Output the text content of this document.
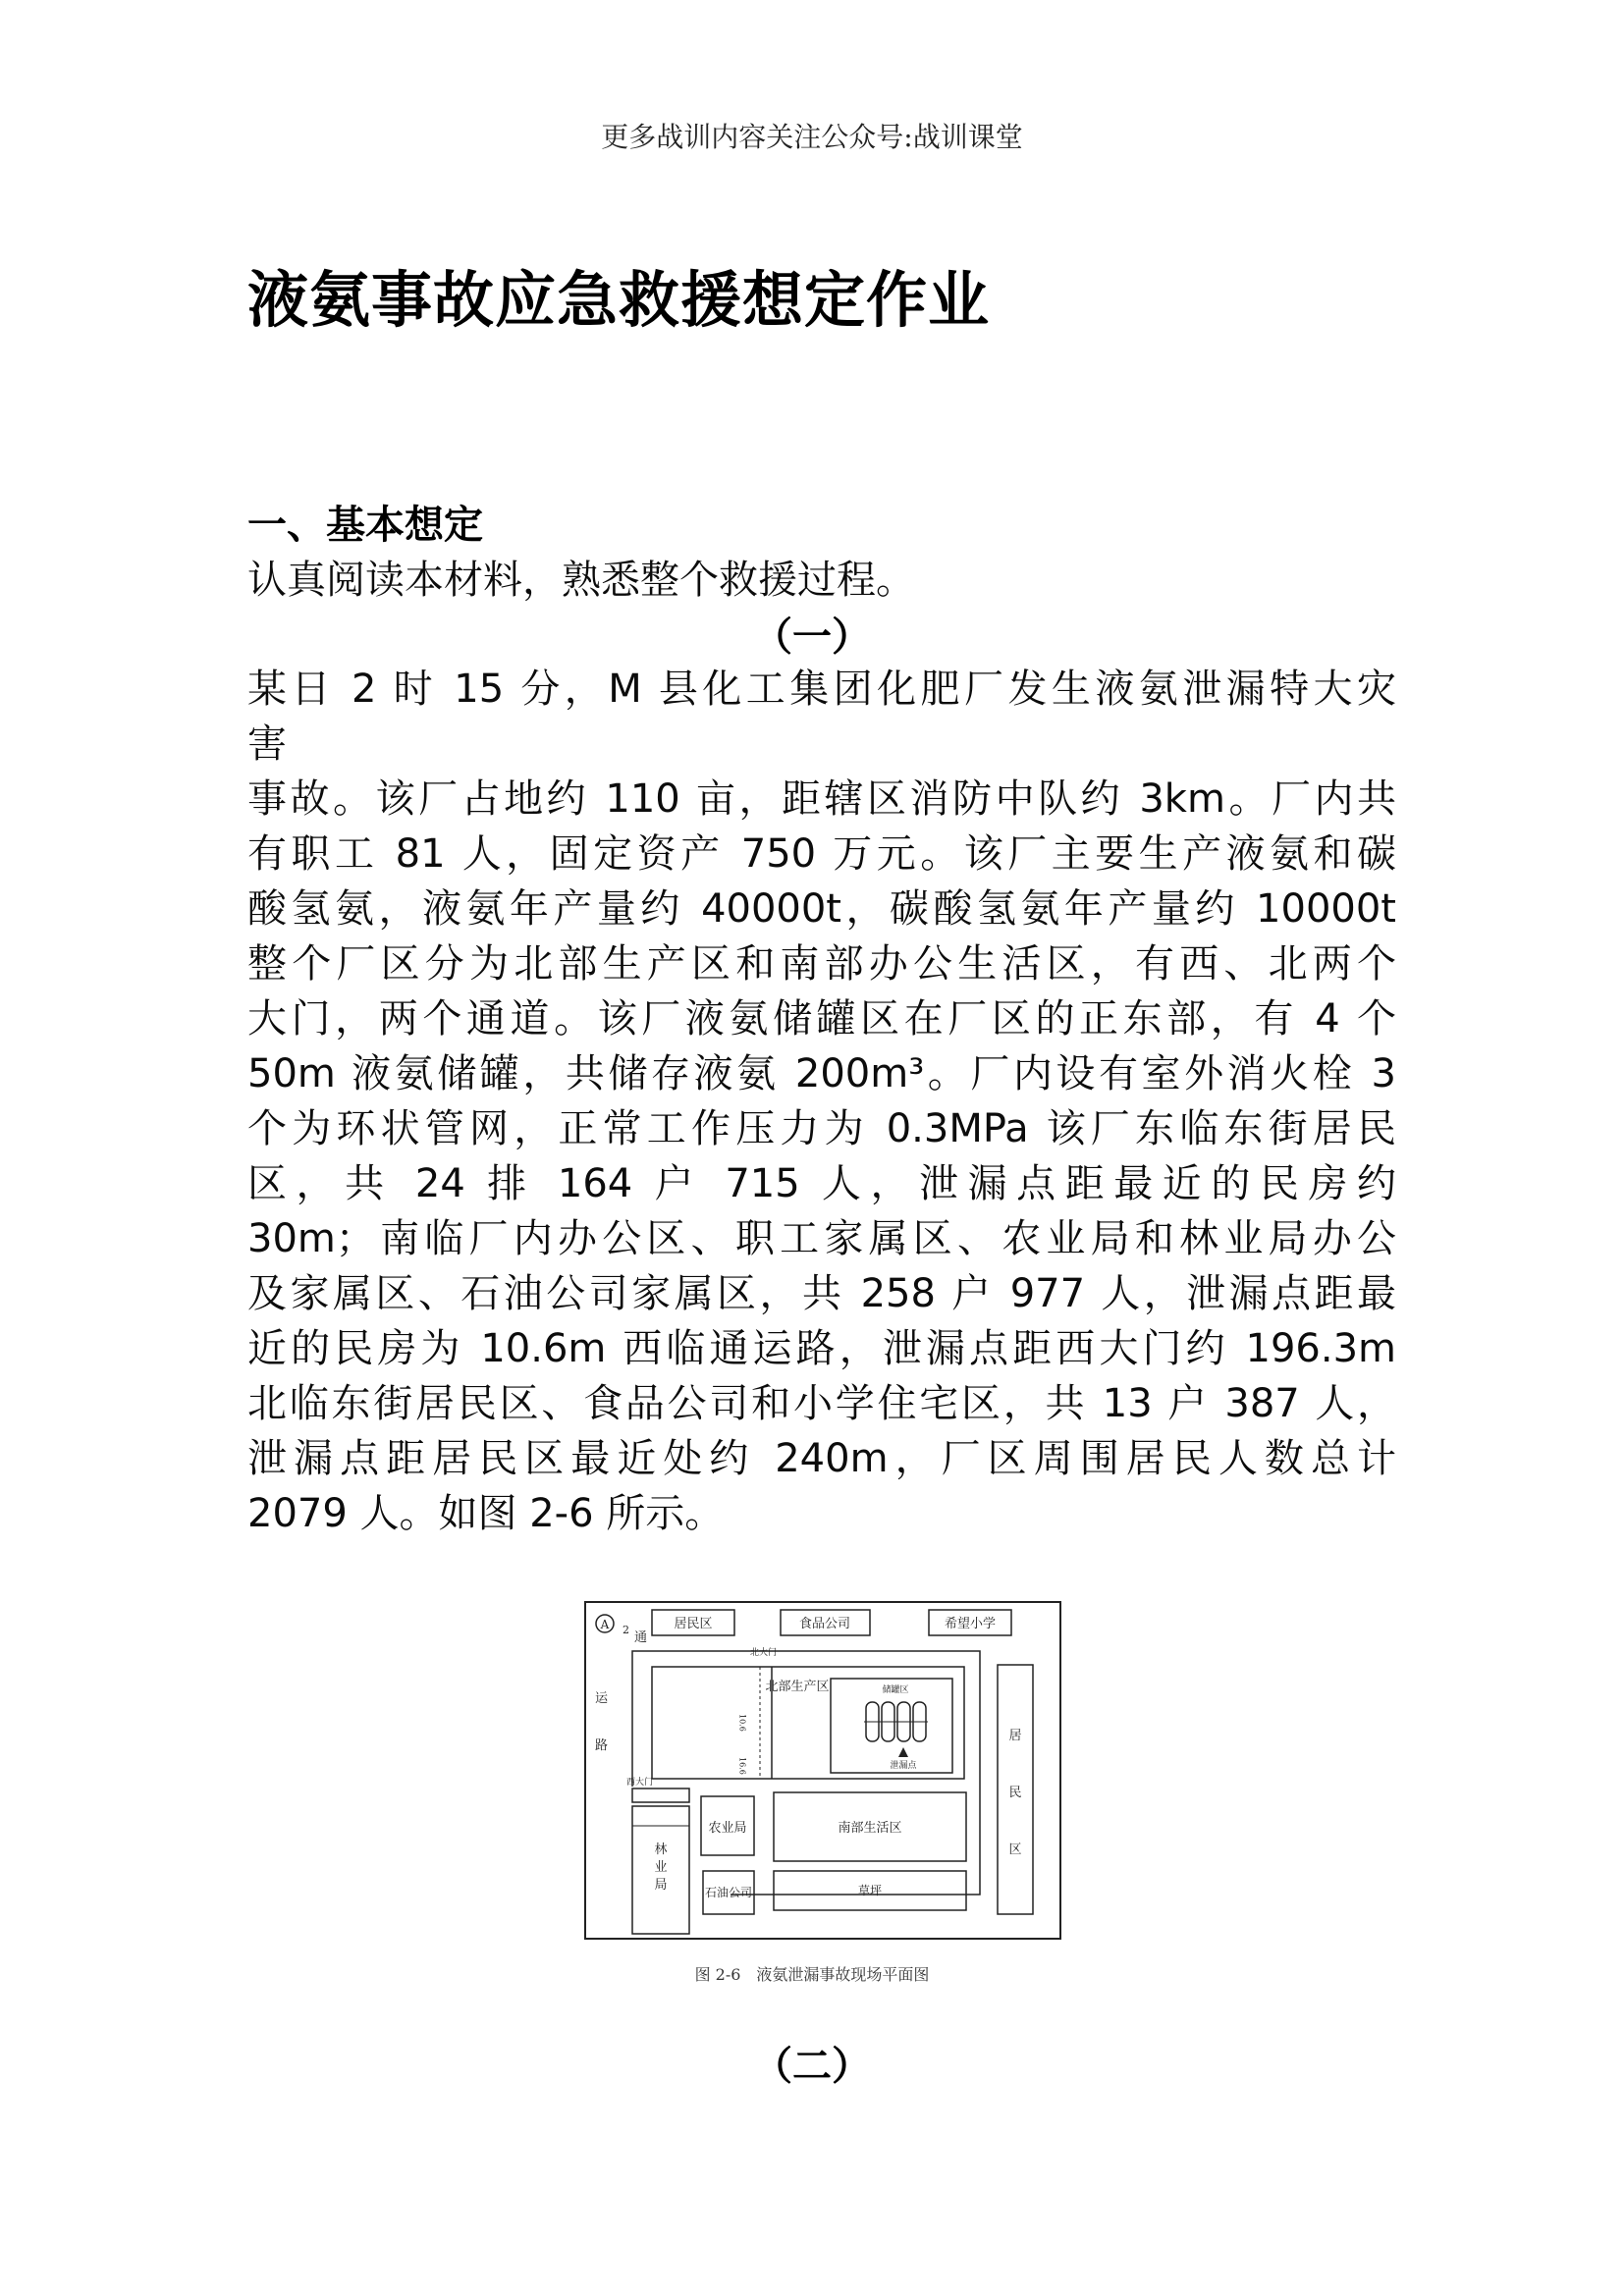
更多战训内容关注公众号:战训课堂
液氨事故应急救援想定作业
一、基本想定
认真阅读本材料，熟悉整个救援过程。
（一）
某日 2 时 15 分，M 县化工集团化肥厂发生液氨泄漏特大灾
害
事故。该厂占地约 110 亩，距辖区消防中队约 3km。厂内共
有职工 81 人，固定资产 750 万元。该厂主要生产液氨和碳
酸氢氨，液氨年产量约 40000t，碳酸氢氨年产量约 10000t
整个厂区分为北部生产区和南部办公生活区，有西、北两个
大门，两个通道。该厂液氨储罐区在厂区的正东部，有 4 个
50m 液氨储罐，共储存液氨 200m³。厂内设有室外消火栓 3
个为环状管网，正常工作压力为 0.3MPa 该厂东临东街居民
区，共 24 排 164 户 715 人，泄漏点距最近的民房约
30m；南临厂内办公区、职工家属区、农业局和林业局办公
及家属区、石油公司家属区，共 258 户 977 人，泄漏点距最
近的民房为 10.6m 西临通运路，泄漏点距西大门约 196.3m
北临东街居民区、食品公司和小学住宅区，共 13 户 387 人，
泄漏点距居民区最近处约 240m，厂区周围居民人数总计
2079 人。如图 2-6 所示。
A 2	居民区	食品公司	希望小学
通
运
路
北大门
北部生产区
10.6
16.6
储罐区
泄漏点
西大门
林
业
局
农业局
石油公司
南部生活区
草坪
居
民
区
图 2-6　液氨泄漏事故现场平面图
（二）
